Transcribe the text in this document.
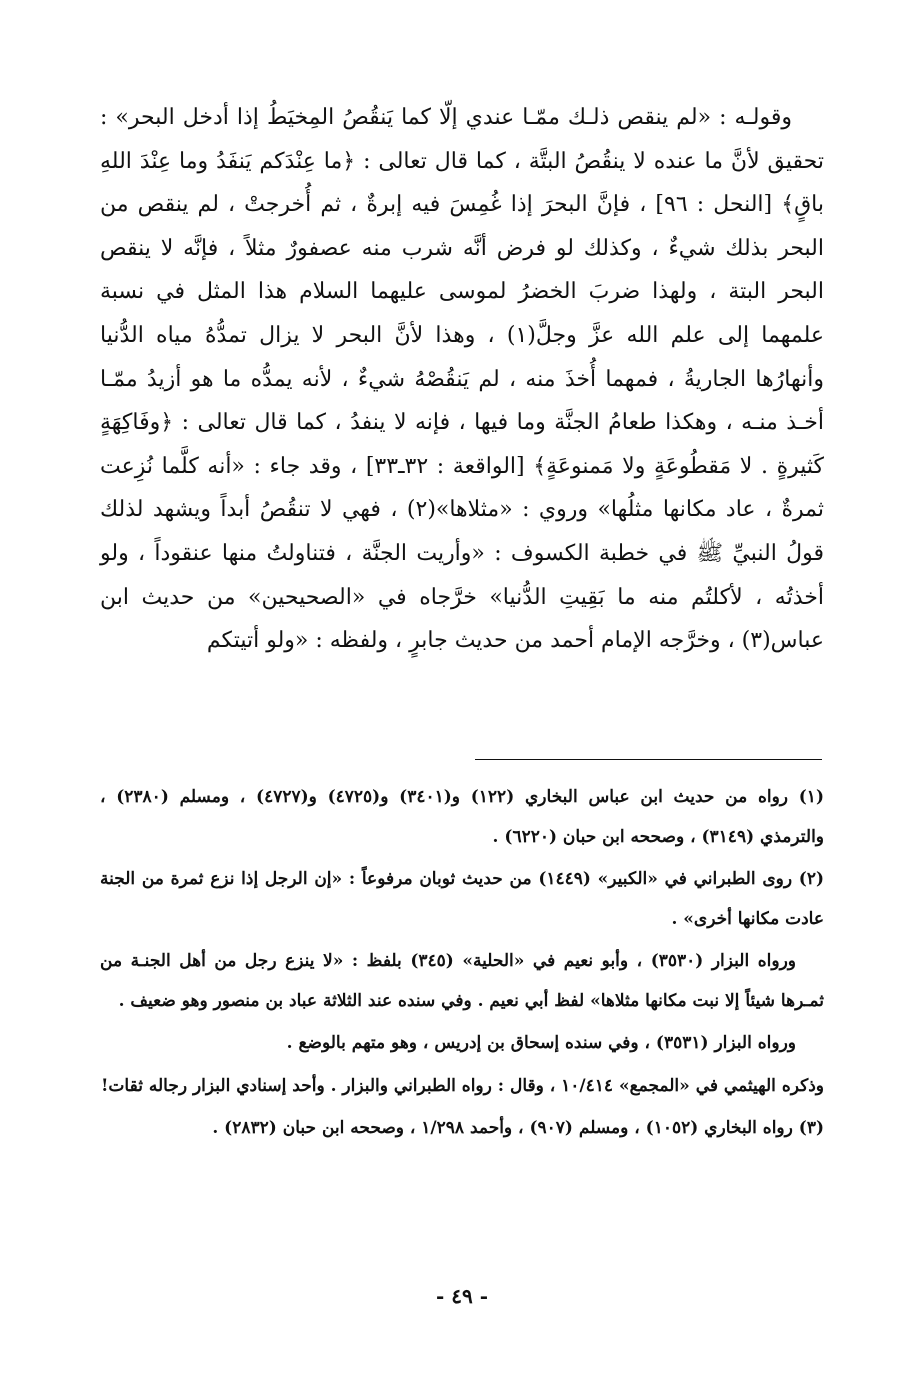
وقولـه : «لم ينقص ذلـك ممّـا عندي إلّا كما يَنقُصُ المِخيَطُ إذا أدخل البحر» : تحقيق لأنَّ ما عنده لا ينقُصُ البتَّة ، كما قال تعالى : ﴿ما عِنْدَكم يَنفَدُ وما عِنْدَ اللهِ باقٍ﴾ [النحل : ٩٦] ، فإنَّ البحرَ إذا غُمِسَ فيه إبرةٌ ، ثم أُخرجتْ ، لم ينقص من البحر بذلك شيءٌ ، وكذلك لو فرض أنَّه شرب منه عصفورٌ مثلاً ، فإنَّه لا ينقص البحر البتة ، ولهذا ضربَ الخضرُ لموسى عليهما السلام هذا المثل في نسبة علمهما إلى علم الله عزَّ وجلَّ(١) ، وهذا لأنَّ البحر لا يزال تمدُّهُ مياه الدُّنيا وأنهارُها الجاريةُ ، فمهما أُخذَ منه ، لم يَنقُصْهُ شيءٌ ، لأنه يمدُّه ما هو أزيدُ ممّـا أخـذ منـه ، وهكذا طعامُ الجنَّة وما فيها ، فإنه لا ينفدُ ، كما قال تعالى : ﴿وفَاكِهَةٍ كَثيرةٍ . لا مَقطُوعَةٍ ولا مَمنوعَةٍ﴾ [الواقعة : ٣٢ـ٣٣] ، وقد جاء : «أنه كلَّما نُزِعت ثمرةٌ ، عاد مكانها مثلُها» وروي : «مثلاها»(٢) ، فهي لا تنقُصُ أبداً ويشهد لذلك قولُ النبيِّ ﷺ في خطبة الكسوف : «وأريت الجنَّة ، فتناولتُ منها عنقوداً ، ولو أخذتُه ، لأكلتُم منه ما بَقِيتِ الدُّنيا» خرَّجاه في «الصحيحين» من حديث ابن عباس(٣) ، وخرَّجه الإمام أحمد من حديث جابرٍ ، ولفظه : «ولو أتيتكم

(١) رواه من حديث ابن عباس البخاري (١٢٢) و(٣٤٠١) و(٤٧٢٥) و(٤٧٢٧) ، ومسلم (٢٣٨٠) ، والترمذي (٣١٤٩) ، وصححه ابن حبان (٦٢٢٠) .

(٢) روى الطبراني في «الكبير» (١٤٤٩) من حديث ثوبان مرفوعاً : «إن الرجل إذا نزع ثمرة من الجنة عادت مكانها أخرى» .

ورواه البزار (٣٥٣٠) ، وأبو نعيم في «الحلية» (٣٤٥) بلفظ : «لا ينزع رجل من أهل الجنـة من ثمـرها شيئاً إلا نبت مكانها مثلاها» لفظ أبي نعيم . وفي سنده عند الثلاثة عباد بن منصور وهو ضعيف .

ورواه البزار (٣٥٣١) ، وفي سنده إسحاق بن إدريس ، وهو متهم بالوضع .

وذكره الهيثمي في «المجمع» ١٠/٤١٤ ، وقال : رواه الطبراني والبزار . وأحد إسنادي البزار رجاله ثقات!

(٣) رواه البخاري (١٠٥٢) ، ومسلم (٩٠٧) ، وأحمد ١/٢٩٨ ، وصححه ابن حبان (٢٨٣٢) .

- ٤٩ -
